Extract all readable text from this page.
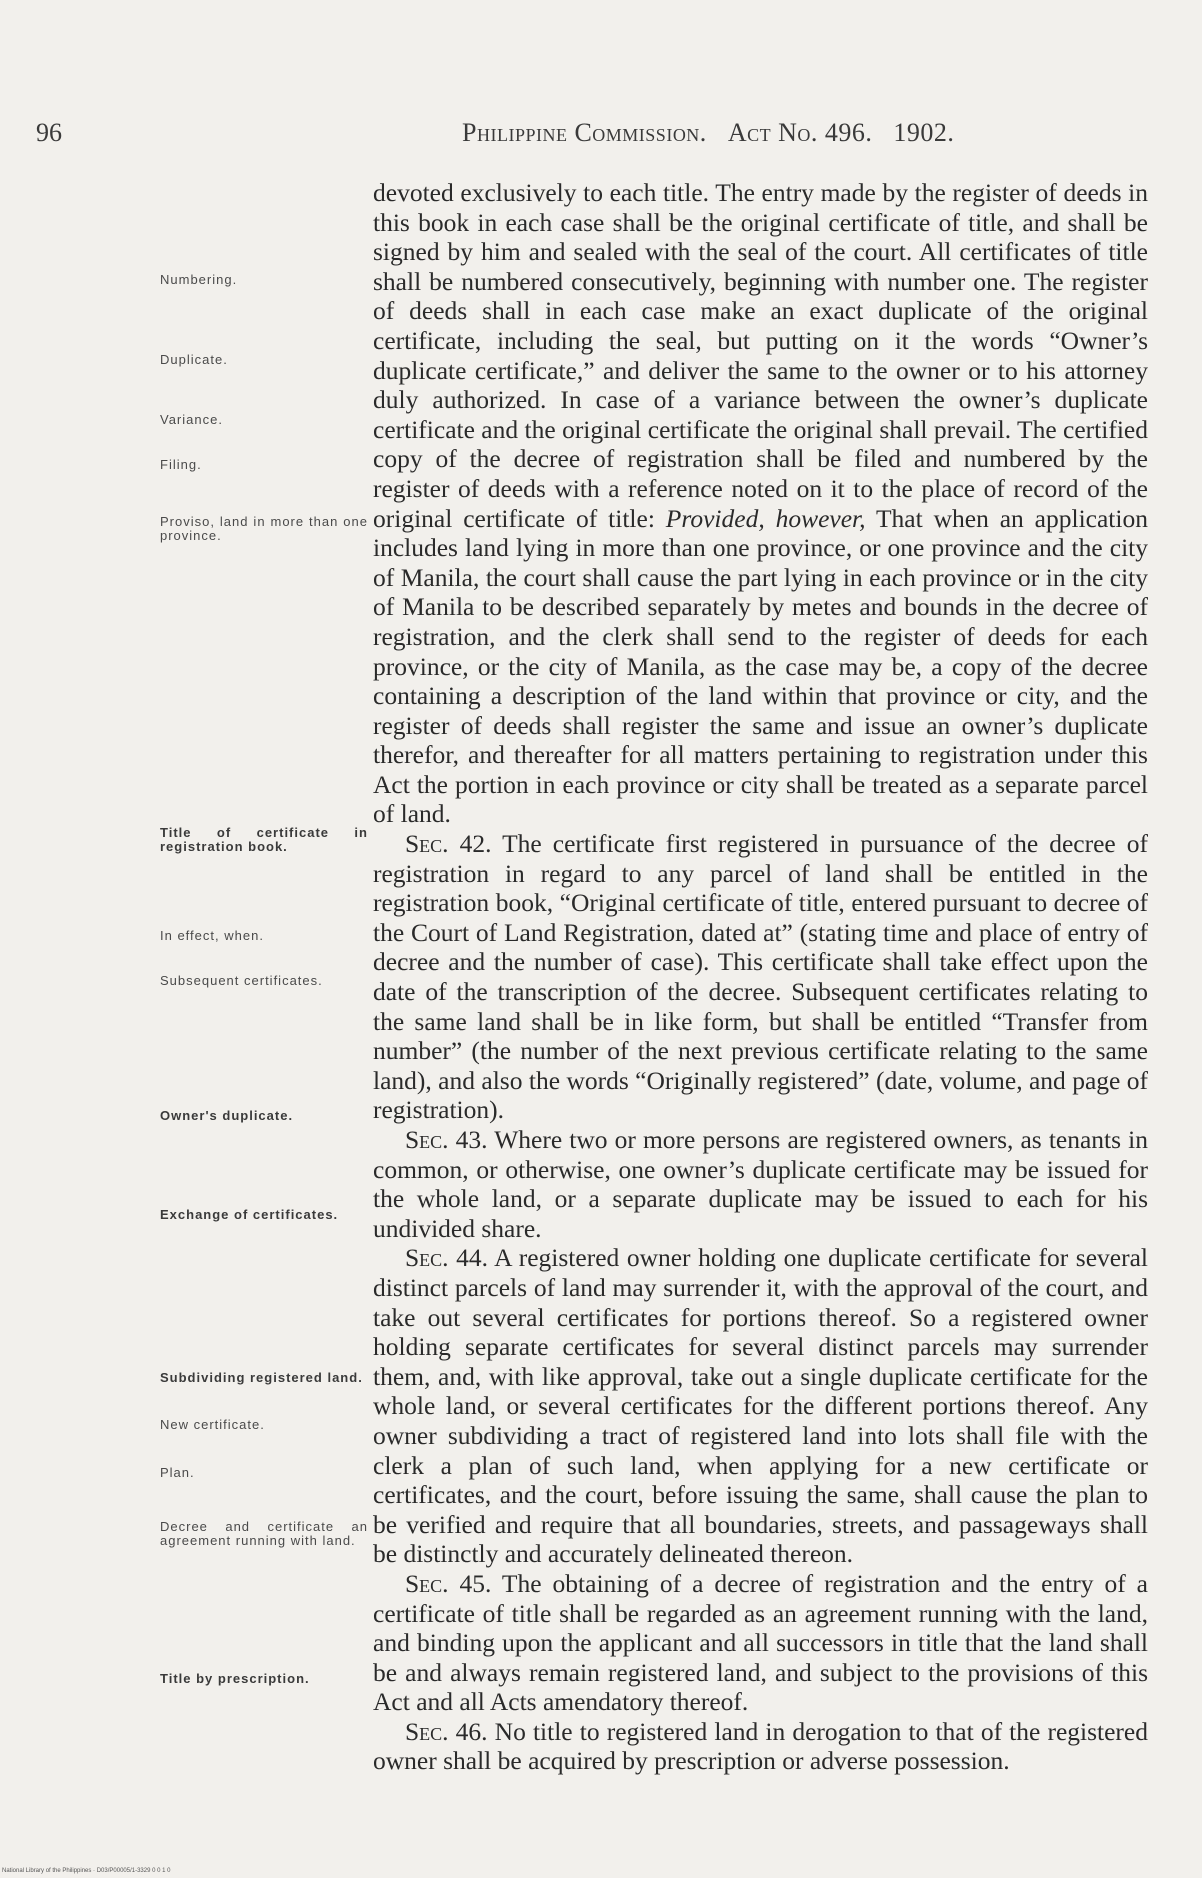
96	Philippine Commission. Act No. 496. 1902.

devoted exclusively to each title. The entry made by the register of deeds in this book in each case shall be the original certificate of title, and shall be signed by him and sealed with the seal of the court. All certificates of title shall be numbered consecutively, beginning with number one. The register of deeds shall in each case make an exact duplicate of the original certificate, including the seal, but putting on it the words “Owner’s duplicate certificate,” and deliver the same to the owner or to his attorney duly authorized. In case of a variance between the owner’s duplicate certificate and the original certificate the original shall prevail. The certified copy of the decree of registration shall be filed and numbered by the register of deeds with a reference noted on it to the place of record of the original certificate of title: Provided, however, That when an application includes land lying in more than one province, or one province and the city of Manila, the court shall cause the part lying in each province or in the city of Manila to be described separately by metes and bounds in the decree of registration, and the clerk shall send to the register of deeds for each province, or the city of Manila, as the case may be, a copy of the decree containing a description of the land within that province or city, and the register of deeds shall register the same and issue an owner’s duplicate therefor, and thereafter for all matters pertaining to registration under this Act the portion in each province or city shall be treated as a separate parcel of land.

Sec. 42. The certificate first registered in pursuance of the decree of registration in regard to any parcel of land shall be entitled in the registration book, “Original certificate of title, entered pursuant to decree of the Court of Land Registration, dated at” (stating time and place of entry of decree and the number of case). This certificate shall take effect upon the date of the transcription of the decree. Subsequent certificates relating to the same land shall be in like form, but shall be entitled “Transfer from number” (the number of the next previous certificate relating to the same land), and also the words “Originally registered” (date, volume, and page of registration).

Sec. 43. Where two or more persons are registered owners, as tenants in common, or otherwise, one owner’s duplicate certificate may be issued for the whole land, or a separate duplicate may be issued to each for his undivided share.

Sec. 44. A registered owner holding one duplicate certificate for several distinct parcels of land may surrender it, with the approval of the court, and take out several certificates for portions thereof. So a registered owner holding separate certificates for several distinct parcels may surrender them, and, with like approval, take out a single duplicate certificate for the whole land, or several certificates for the different portions thereof. Any owner subdividing a tract of registered land into lots shall file with the clerk a plan of such land, when applying for a new certificate or certificates, and the court, before issuing the same, shall cause the plan to be verified and require that all boundaries, streets, and passageways shall be distinctly and accurately delineated thereon.

Sec. 45. The obtaining of a decree of registration and the entry of a certificate of title shall be regarded as an agreement running with the land, and binding upon the applicant and all successors in title that the land shall be and always remain registered land, and subject to the provisions of this Act and all Acts amendatory thereof.

Sec. 46. No title to registered land in derogation to that of the registered owner shall be acquired by prescription or adverse possession.

Numbering.
Duplicate.
Variance.
Filing.
Proviso, land in more than one province.
Title of certificate in registration book.
In effect, when.
Subsequent certificates.
Owner's duplicate.
Exchange of certificates.
Subdividing registered land.
New certificate.
Plan.
Decree and certificate an agreement running with land.
Title by prescription.
National Library of the Philippines · D03/P00005/1-3329 0 0 1 0
